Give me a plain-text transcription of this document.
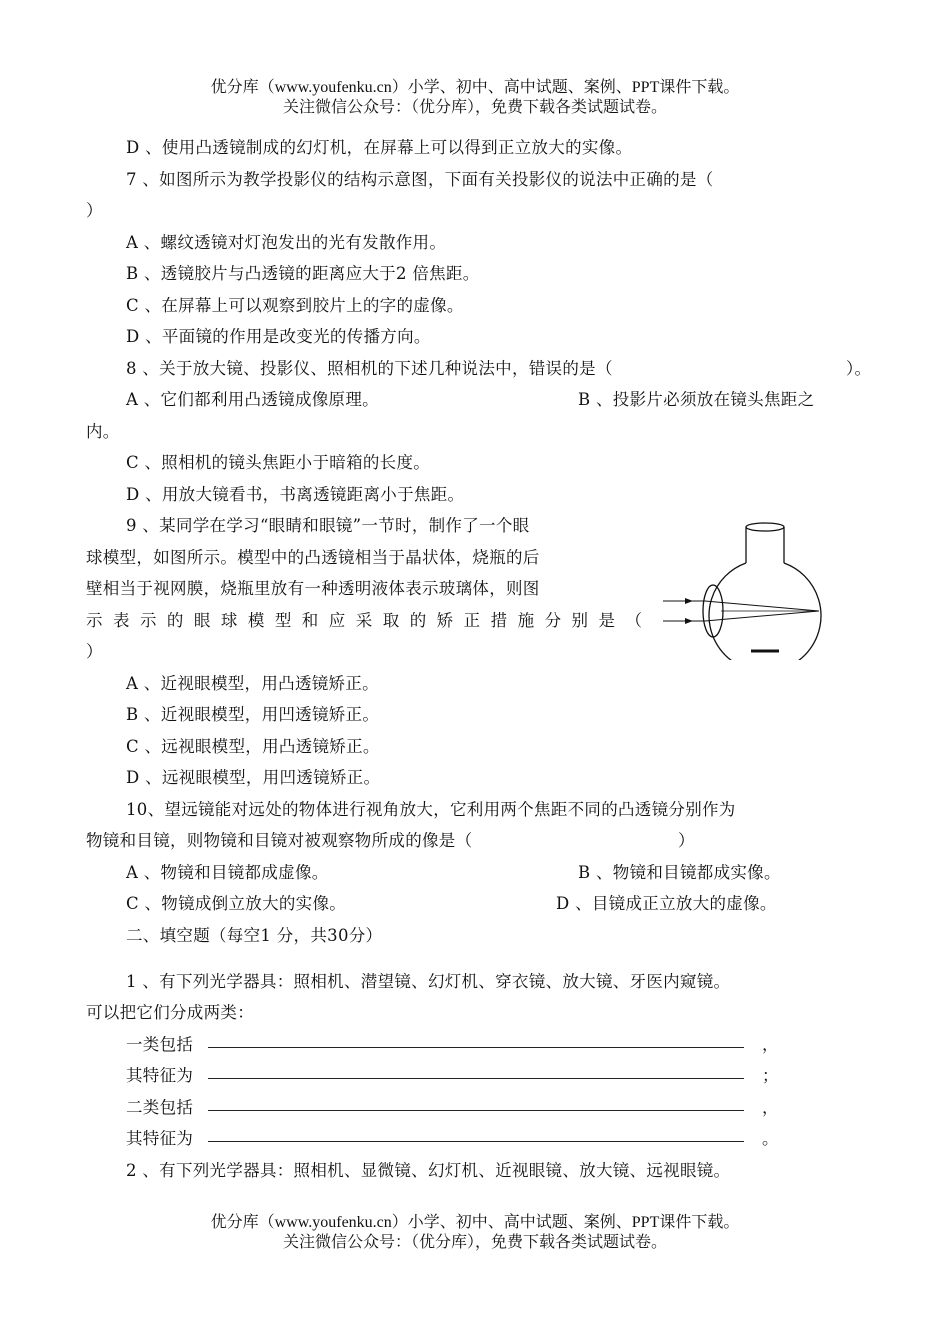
优分库（www.youfenku.cn）小学、初中、高中试题、案例、PPT课件下载。
关注微信公众号：（优分库），免费下载各类试题试卷。
D 、使用凸透镜制成的幻灯机，在屏幕上可以得到正立放大的实像。
7 、如图所示为教学投影仪的结构示意图，下面有关投影仪的说法中正确的是（
）
A 、螺纹透镜对灯泡发出的光有发散作用。
B 、透镜胶片与凸透镜的距离应大于2 倍焦距。
C 、在屏幕上可以观察到胶片上的字的虚像。
D 、平面镜的作用是改变光的传播方向。
8 、关于放大镜、投影仪、照相机的下述几种说法中，错误的是（	）。
A 、它们都利用凸透镜成像原理。	B 、投影片必须放在镜头焦距之
内。
C 、照相机的镜头焦距小于暗箱的长度。
D 、用放大镜看书，书离透镜距离小于焦距。
9 、某同学在学习“眼睛和眼镜”一节时，制作了一个眼
球模型，如图所示。模型中的凸透镜相当于晶状体，烧瓶的后
壁相当于视网膜，烧瓶里放有一种透明液体表示玻璃体，则图
示表示的眼球模型和应采取的矫正措施分别是（
）
A 、近视眼模型，用凸透镜矫正。
B 、近视眼模型，用凹透镜矫正。
C 、远视眼模型，用凸透镜矫正。
D 、远视眼模型，用凹透镜矫正。
10、望远镜能对远处的物体进行视角放大，它利用两个焦距不同的凸透镜分别作为
物镜和目镜，则物镜和目镜对被观察物所成的像是（	）
A 、物镜和目镜都成虚像。	B 、物镜和目镜都成实像。
C 、物镜成倒立放大的实像。	D 、目镜成正立放大的虚像。
二、填空题（每空1 分，共30分）
1 、有下列光学器具：照相机、潜望镜、幻灯机、穿衣镜、放大镜、牙医内窥镜。
可以把它们分成两类：
一类包括	，
其特征为	；
二类包括	，
其特征为	。
2 、有下列光学器具：照相机、显微镜、幻灯机、近视眼镜、放大镜、远视眼镜。
优分库（www.youfenku.cn）小学、初中、高中试题、案例、PPT课件下载。
关注微信公众号：（优分库），免费下载各类试题试卷。
